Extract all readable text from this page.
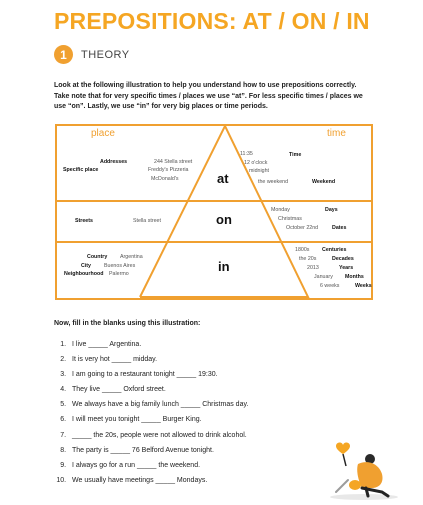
PREPOSITIONS: AT / ON / IN
1	THEORY

Look at the following illustration to help you understand how to use prepositions correctly. Take note that for very specific times / places we use “at”. For less specific times / places we use “on”. Lastly, we use “in” for very big places or time periods.

place	time
at
Addresses	244 Stella street
Specific place	Freddy's Pizzeria
McDonald's
11:35
12 o'clock
midnight
Time
the weekend	Weekend
on
Streets	Stella street
Monday	Days
Christmas
October 22nd	Dates
in
Country Argentina
City Buenos Aires
Neighbourhood Palermo
1800s Centuries
the 20s	Decades
2013	Years
January Months
6 weeks	Weeks

Now, fill in the blanks using this illustration:

1. I live _____ Argentina.
2. It is very hot _____ midday.
3. I am going to a restaurant tonight _____ 19:30.
4. They live _____ Oxford street.
5. We always have a big family lunch _____ Christmas day.
6. I will meet you tonight _____ Burger King.
7. _____ the 20s, people were not allowed to drink alcohol.
8. The party is _____ 76 Belford Avenue tonight.
9. I always go for a run _____ the weekend.
10. We usually have meetings _____ Mondays.
